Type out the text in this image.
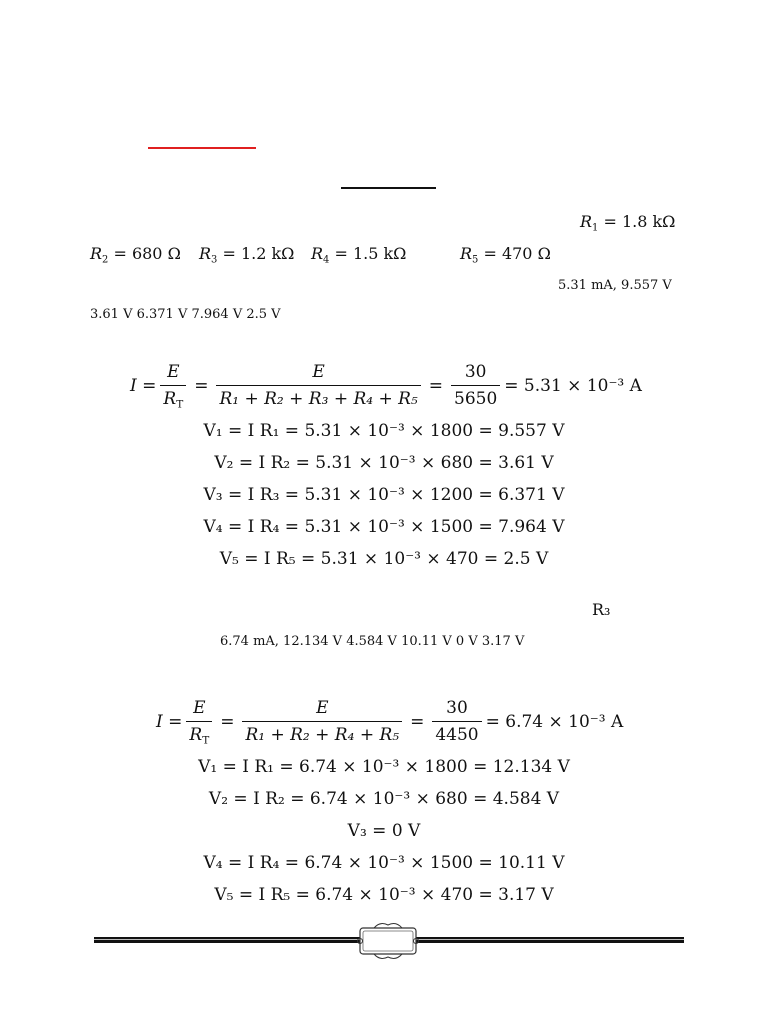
$R_1 = 1.8$ kΩ
$R_2 = 680$ Ω $R_3 = 1.2$ kΩ $R_4 = 1.5$ kΩ	$R_5 = 470$ Ω
5.31 mA, 9.557 V
3.61 V 6.371 V 7.964 V 2.5 V
$I = \frac{E}{R_T} = \frac{E}{\text{R₁ + R₂ + R₃ + R₄ + R₅}} = \frac{30}{5650} = 5.31 \times 10^{-3}$ A
V₁ = I R₁ = 5.31 × 10⁻³ × 1800 = 9.557 V
V₂ = I R₂ = 5.31 × 10⁻³ × 680 = 3.61 V
V₃ = I R₃ = 5.31 × 10⁻³ × 1200 = 6.371 V
V₄ = I R₄ = 5.31 × 10⁻³ × 1500 = 7.964 V
V₅ = I R₅ = 5.31 × 10⁻³ × 470 = 2.5 V
R₃
6.74 mA, 12.134 V 4.584 V 10.11 V 0 V 3.17 V
$I = \frac{E}{R_T} = \frac{E}{\text{R₁ + R₂ + R₄ + R₅}} = \frac{30}{4450} = 6.74 \times 10^{-3}$ A
V₁ = I R₁ = 6.74 × 10⁻³ × 1800 = 12.134 V
V₂ = I R₂ = 6.74 × 10⁻³ × 680 = 4.584 V
V₃ = 0 V
V₄ = I R₄ = 6.74 × 10⁻³ × 1500 = 10.11 V
V₅ = I R₅ = 6.74 × 10⁻³ × 470 = 3.17 V
